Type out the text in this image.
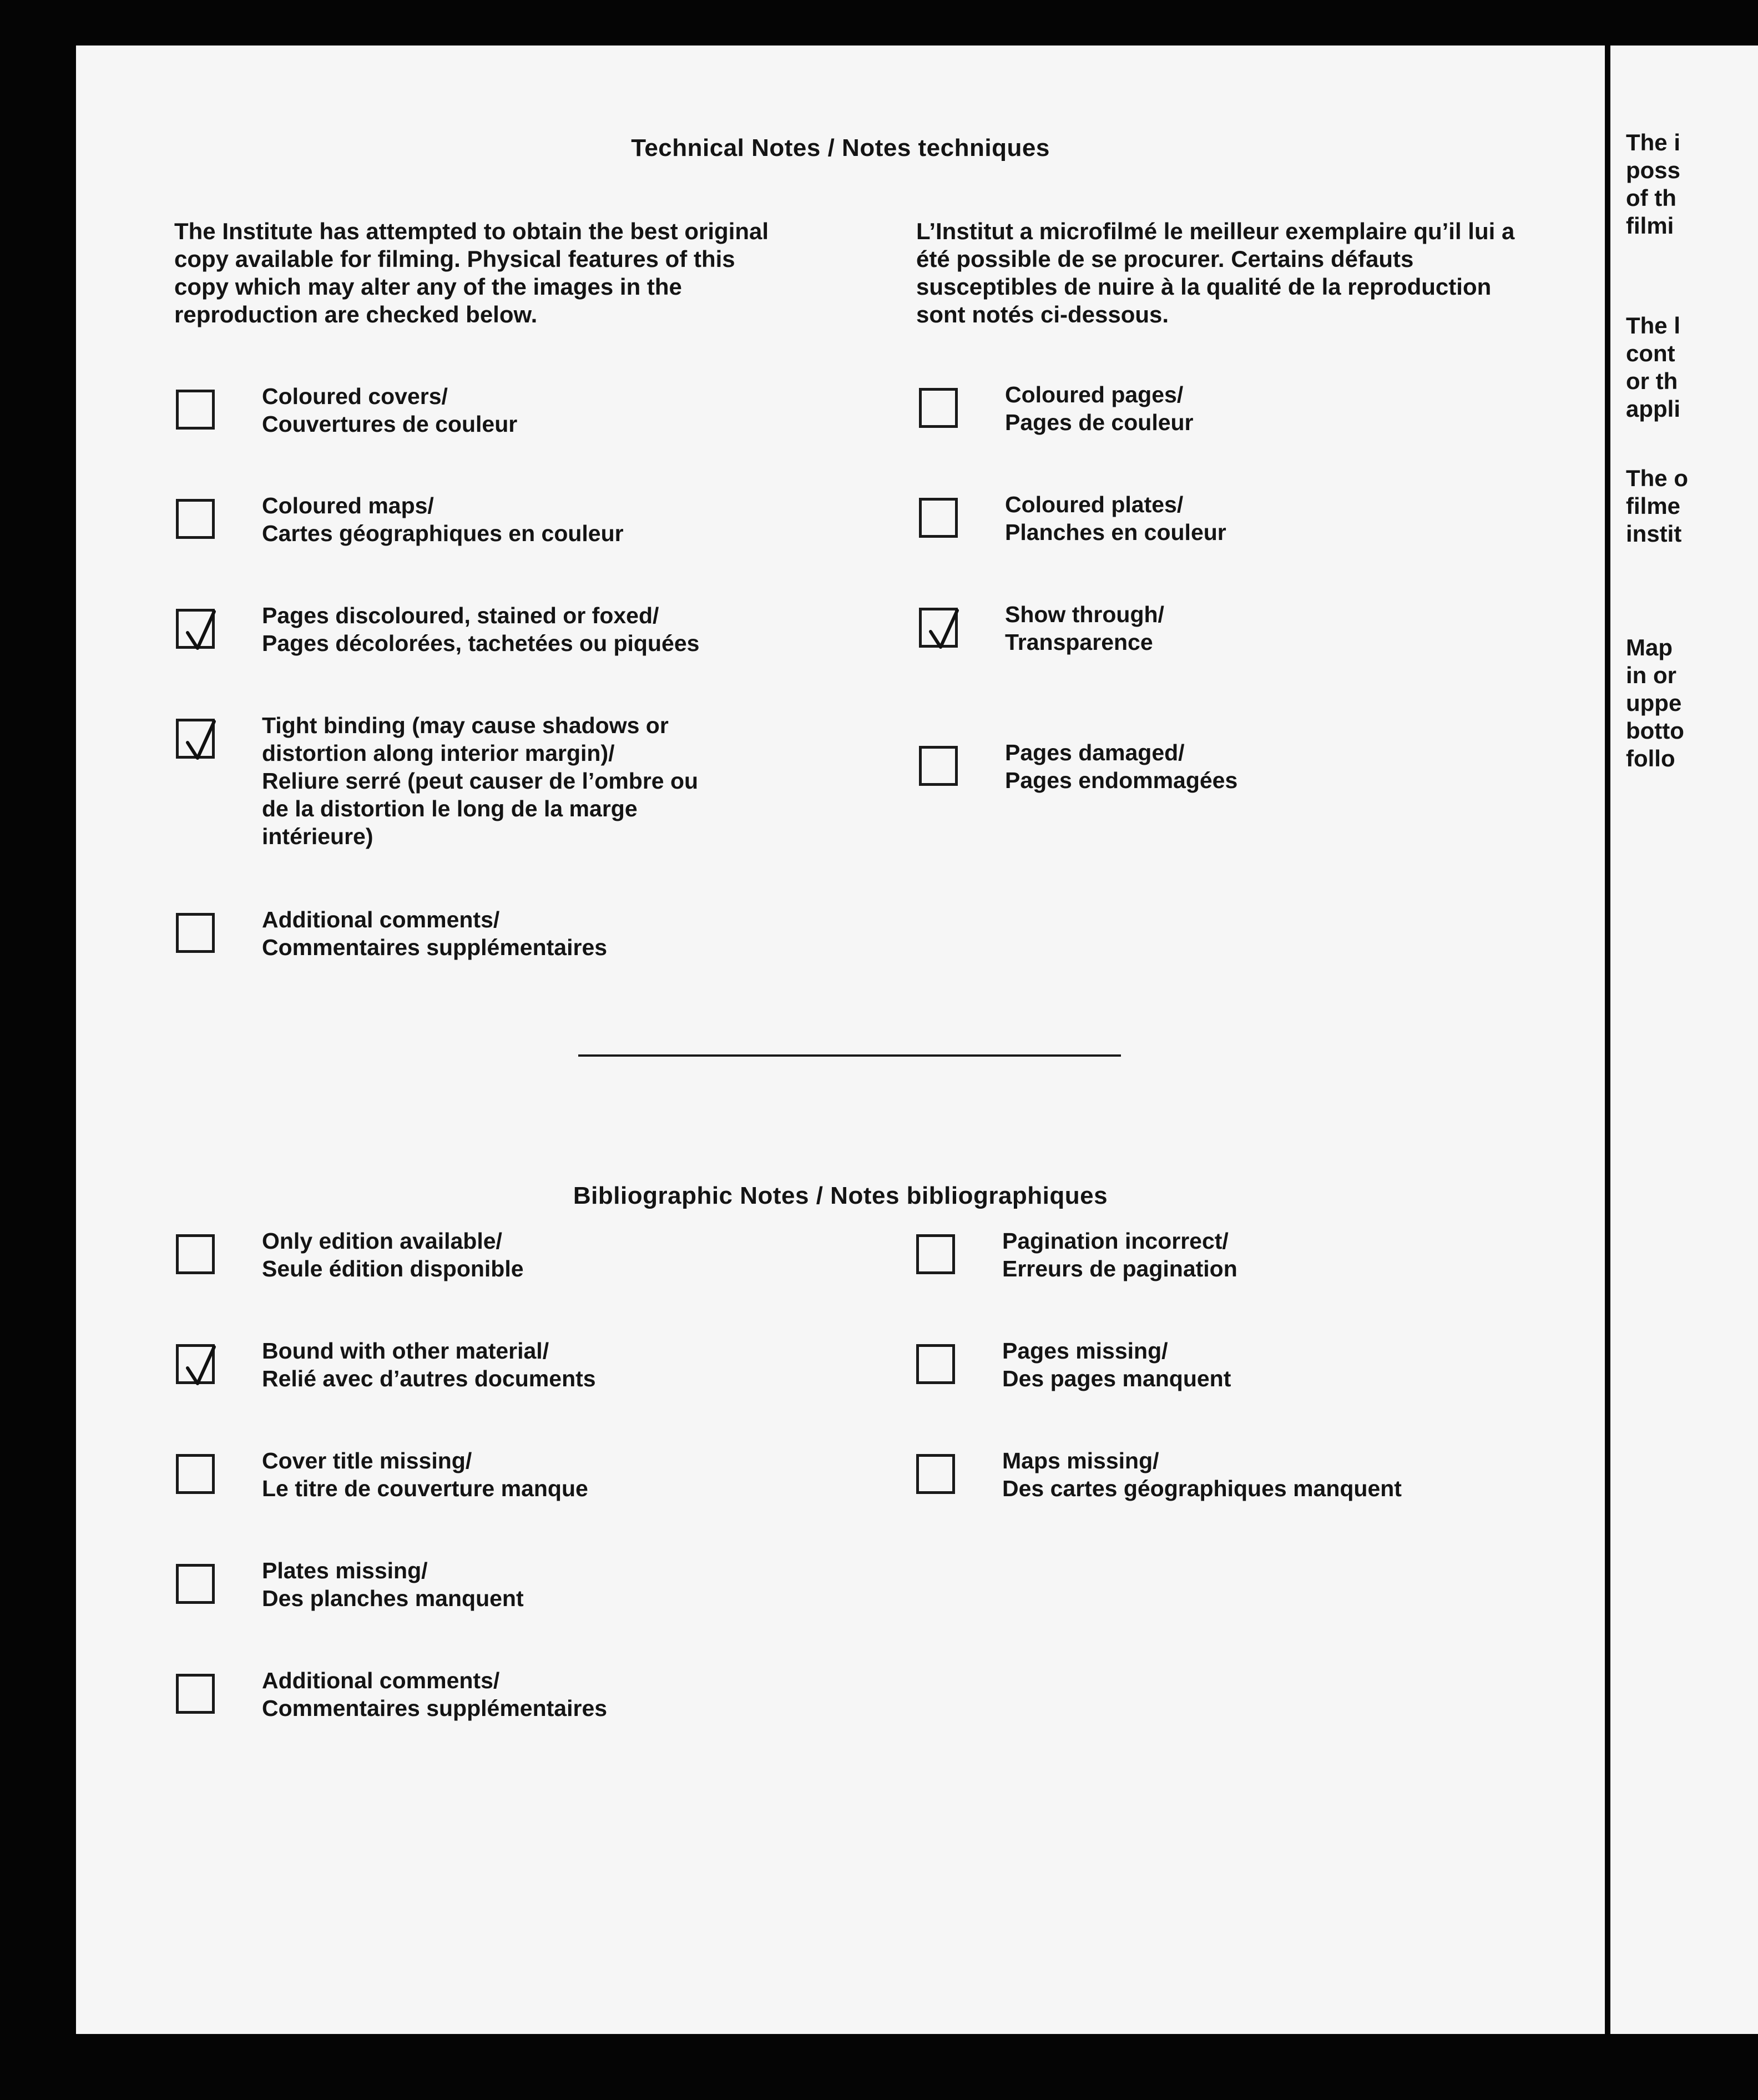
Technical Notes / Notes techniques
The Institute has attempted to obtain the best original copy available for filming. Physical features of this copy which may alter any of the images in the reproduction are checked below.
L’Institut a microfilmé le meilleur exemplaire qu’il lui a été possible de se procurer. Certains défauts susceptibles de nuire à la qualité de la reproduction sont notés ci-dessous.
Coloured covers/
Couvertures de couleur
Coloured maps/
Cartes géographiques en couleur
Pages discoloured, stained or foxed/
Pages décolorées, tachetées ou piquées
Tight binding (may cause shadows or
distortion along interior margin)/
Reliure serré (peut causer de l’ombre ou
de la distortion le long de la marge
intérieure)
Additional comments/
Commentaires supplémentaires
Coloured pages/
Pages de couleur
Coloured plates/
Planches en couleur
Show through/
Transparence
Pages damaged/
Pages endommagées
Bibliographic Notes / Notes bibliographiques
Only edition available/
Seule édition disponible
Bound with other material/
Relié avec d’autres documents
Cover title missing/
Le titre de couverture manque
Plates missing/
Des planches manquent
Additional comments/
Commentaires supplémentaires
Pagination incorrect/
Erreurs de pagination
Pages missing/
Des pages manquent
Maps missing/
Des cartes géographiques manquent
The i
poss
of th
filmi
The l
cont
or th
appli
The o
filme
instit
Map
in or
uppe
botto
follo
